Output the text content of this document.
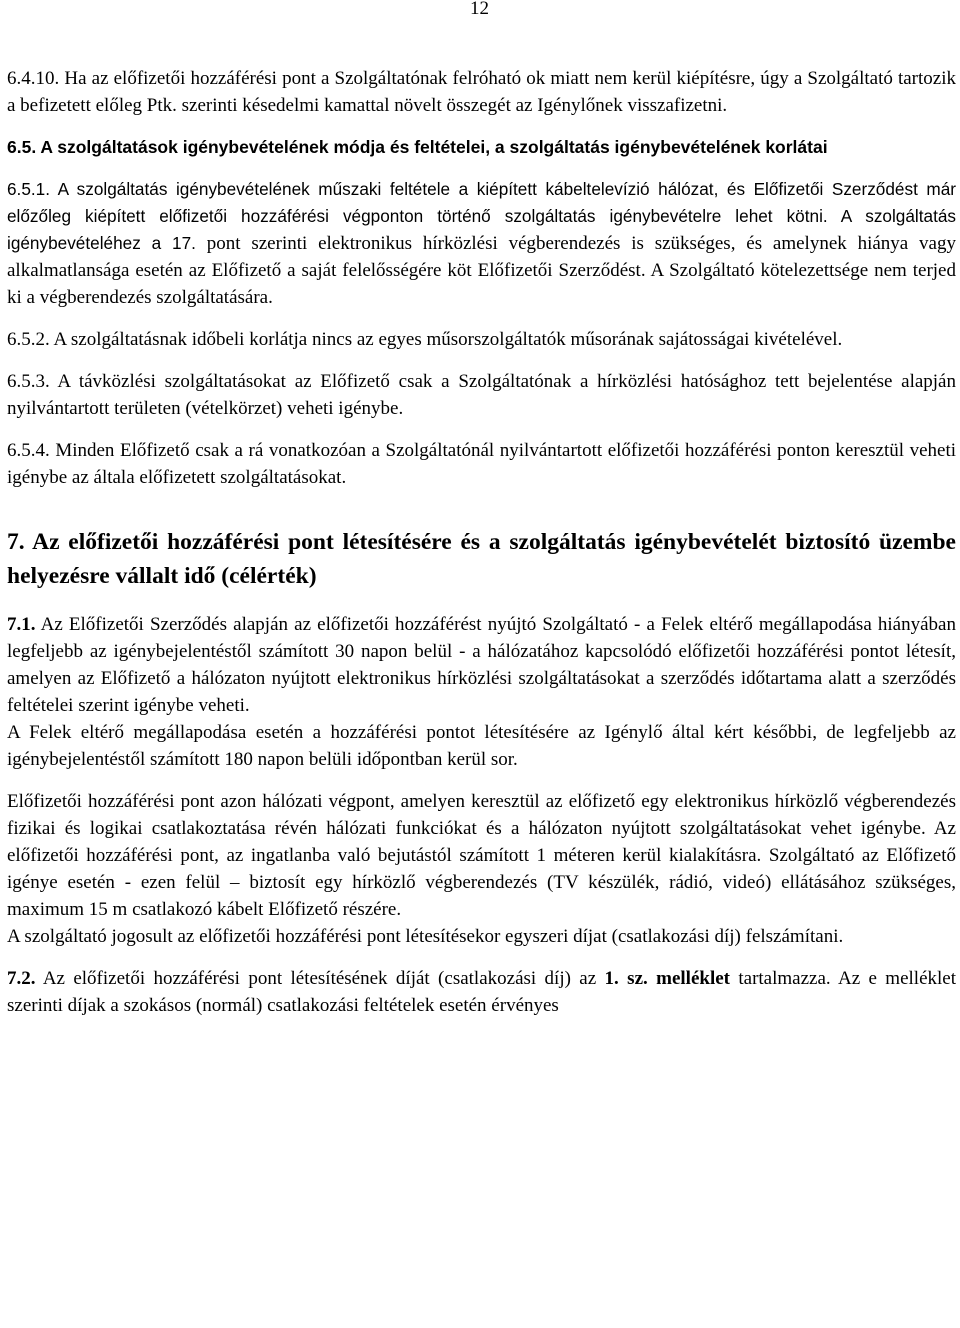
12

6.4.10. Ha az előfizetői hozzáférési pont a Szolgáltatónak felróható ok miatt nem kerül kiépítésre, úgy a Szolgáltató tartozik a befizetett előleg Ptk. szerinti késedelmi kamattal növelt összegét az Igénylőnek visszafizetni.

6.5. A szolgáltatások igénybevételének módja és feltételei, a szolgáltatás igénybevételének korlátai

6.5.1. A szolgáltatás igénybevételének műszaki feltétele a kiépített kábeltelevízió hálózat, és Előfizetői Szerződést már előzőleg kiépített előfizetői hozzáférési végponton történő szolgáltatás igénybevételre lehet kötni. A szolgáltatás igénybevételéhez a 17. pont szerinti elektronikus hírközlési végberendezés is szükséges, és amelynek hiánya vagy alkalmatlansága esetén az Előfizető a saját felelősségére köt Előfizetői Szerződést. A Szolgáltató kötelezettsége nem terjed ki a végberendezés szolgáltatására.

6.5.2. A szolgáltatásnak időbeli korlátja nincs az egyes műsorszolgáltatók műsorának sajátosságai kivételével.

6.5.3. A távközlési szolgáltatásokat az Előfizető csak a Szolgáltatónak a hírközlési hatósághoz tett bejelentése alapján nyilvántartott területen (vételkörzet) veheti igénybe.

6.5.4. Minden Előfizető csak a rá vonatkozóan a Szolgáltatónál nyilvántartott előfizetői hozzáférési ponton keresztül veheti igénybe az általa előfizetett szolgáltatásokat.

7. Az előfizetői hozzáférési pont létesítésére és a szolgáltatás igénybevételét biztosító üzembe helyezésre vállalt idő (célérték)

7.1. Az Előfizetői Szerződés alapján az előfizetői hozzáférést nyújtó Szolgáltató - a Felek eltérő megállapodása hiányában legfeljebb az igénybejelentéstől számított 30 napon belül - a hálózatához kapcsolódó előfizetői hozzáférési pontot létesít, amelyen az Előfizető a hálózaton nyújtott elektronikus hírközlési szolgáltatásokat a szerződés időtartama alatt a szerződés feltételei szerint igénybe veheti.

A Felek eltérő megállapodása esetén a hozzáférési pontot létesítésére az Igénylő által kért későbbi, de legfeljebb az igénybejelentéstől számított 180 napon belüli időpontban kerül sor.

Előfizetői hozzáférési pont azon hálózati végpont, amelyen keresztül az előfizető egy elektronikus hírközlő végberendezés fizikai és logikai csatlakoztatása révén hálózati funkciókat és a hálózaton nyújtott szolgáltatásokat vehet igénybe. Az előfizetői hozzáférési pont, az ingatlanba való bejutástól számított 1 méteren kerül kialakításra. Szolgáltató az Előfizető igénye esetén - ezen felül – biztosít egy hírközlő végberendezés (TV készülék, rádió, videó) ellátásához szükséges, maximum 15 m csatlakozó kábelt Előfizető részére.

A szolgáltató jogosult az előfizetői hozzáférési pont létesítésekor egyszeri díjat (csatlakozási díj) felszámítani.

7.2. Az előfizetői hozzáférési pont létesítésének díját (csatlakozási díj) az 1. sz. melléklet tartalmazza. Az e melléklet szerinti díjak a szokásos (normál) csatlakozási feltételek esetén érvényes
